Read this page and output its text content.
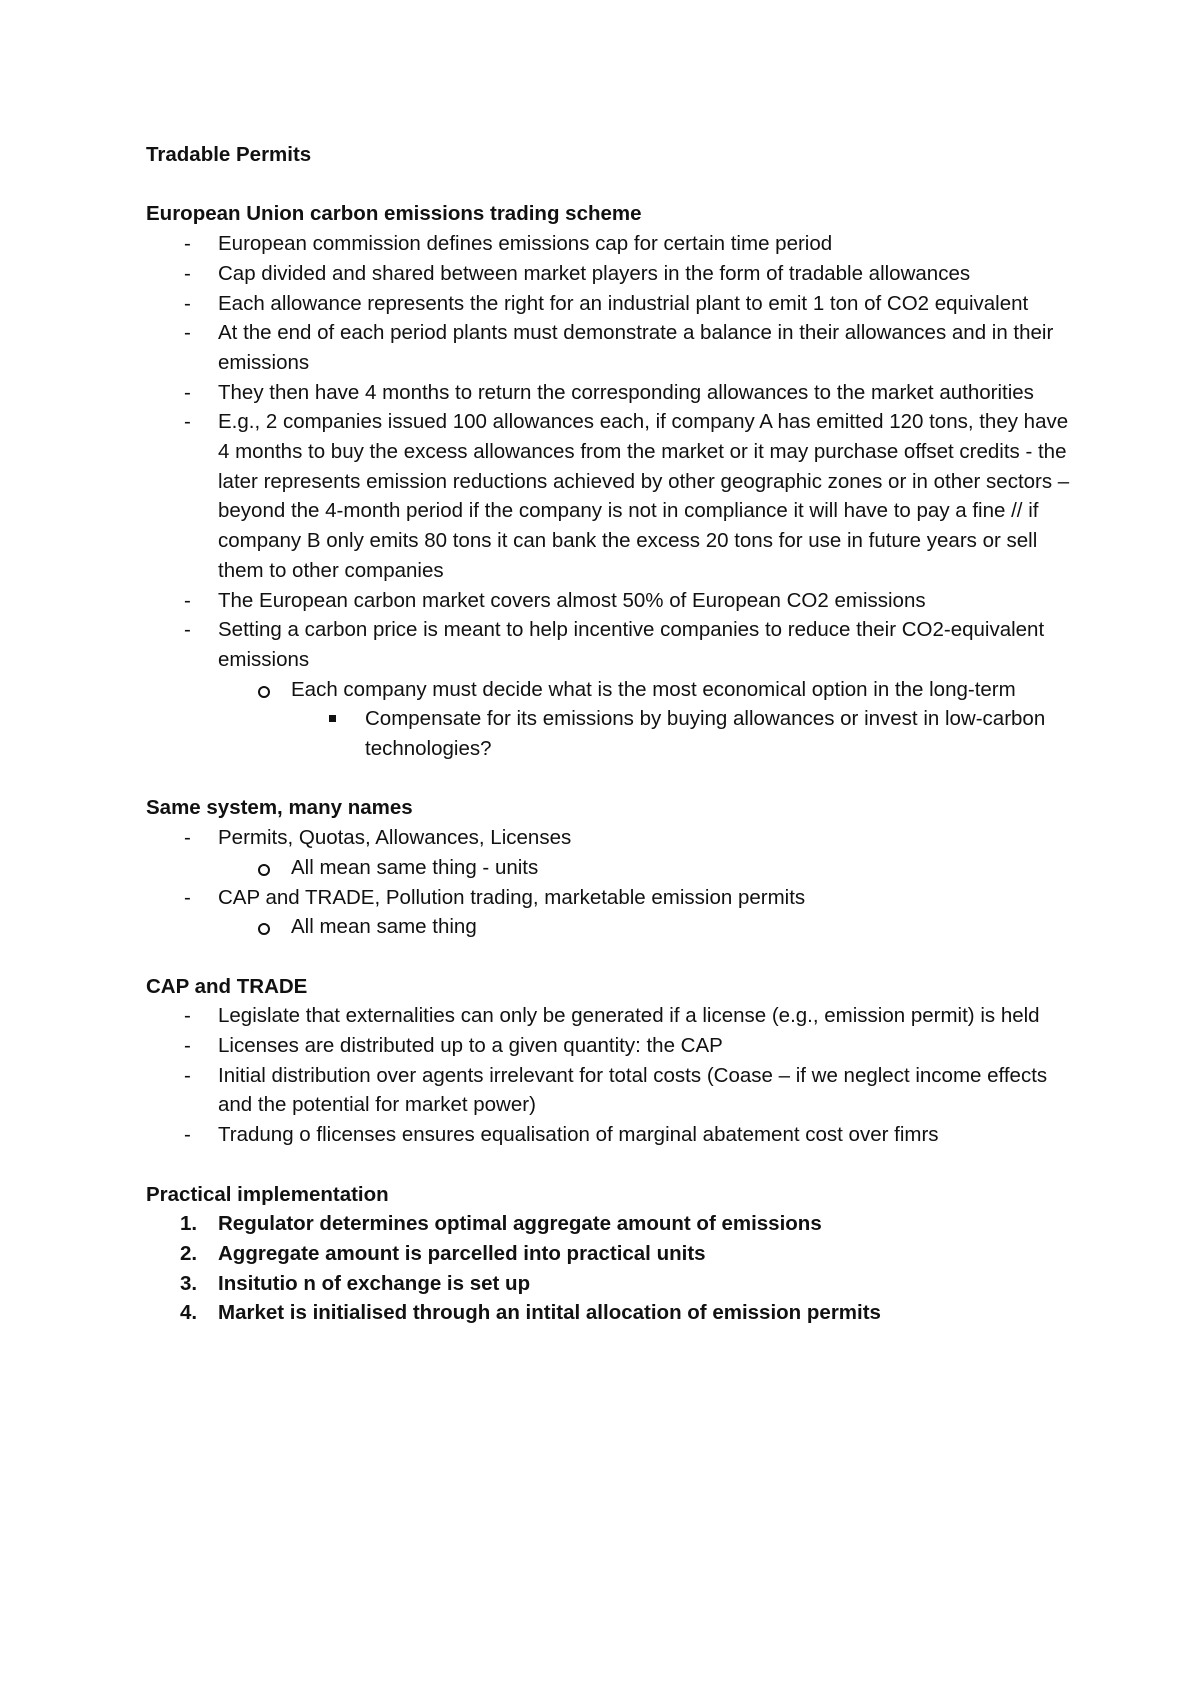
Tradable Permits

European Union carbon emissions trading scheme

- European commission defines emissions cap for certain time period
- Cap divided and shared between market players in the form of tradable allowances
- Each allowance represents the right for an industrial plant to emit 1 ton of CO2 equivalent
- At the end of each period plants must demonstrate a balance in their allowances and in their emissions
- They then have 4 months to return the corresponding allowances to the market authorities
- E.g., 2 companies issued 100 allowances each, if company A has emitted 120 tons, they have 4 months to buy the excess allowances from the market or it may purchase offset credits - the later represents emission reductions achieved by other geographic zones or in other sectors – beyond the 4-month period if the company is not in compliance it will have to pay a fine // if company B only emits 80 tons it can bank the excess 20 tons for use in future years or sell them to other companies
- The European carbon market covers almost 50% of European CO2 emissions
- Setting a carbon price is meant to help incentive companies to reduce their CO2-equivalent emissions
Each company must decide what is the most economical option in the long-term
Compensate for its emissions by buying allowances or invest in low-carbon technologies?

Same system, many names

- Permits, Quotas, Allowances, Licenses
All mean same thing - units
- CAP and TRADE, Pollution trading, marketable emission permits
All mean same thing

CAP and TRADE

- Legislate that externalities can only be generated if a license (e.g., emission permit) is held
- Licenses are distributed up to a given quantity: the CAP
- Initial distribution over agents irrelevant for total costs (Coase – if we neglect income effects and the potential for market power)
- Tradung o flicenses ensures equalisation of marginal abatement cost over fimrs

Practical implementation

1. Regulator determines optimal aggregate amount of emissions
2. Aggregate amount is parcelled into practical units
3. Insitutio n of exchange is set up
4. Market is initialised through an intital allocation of emission permits
